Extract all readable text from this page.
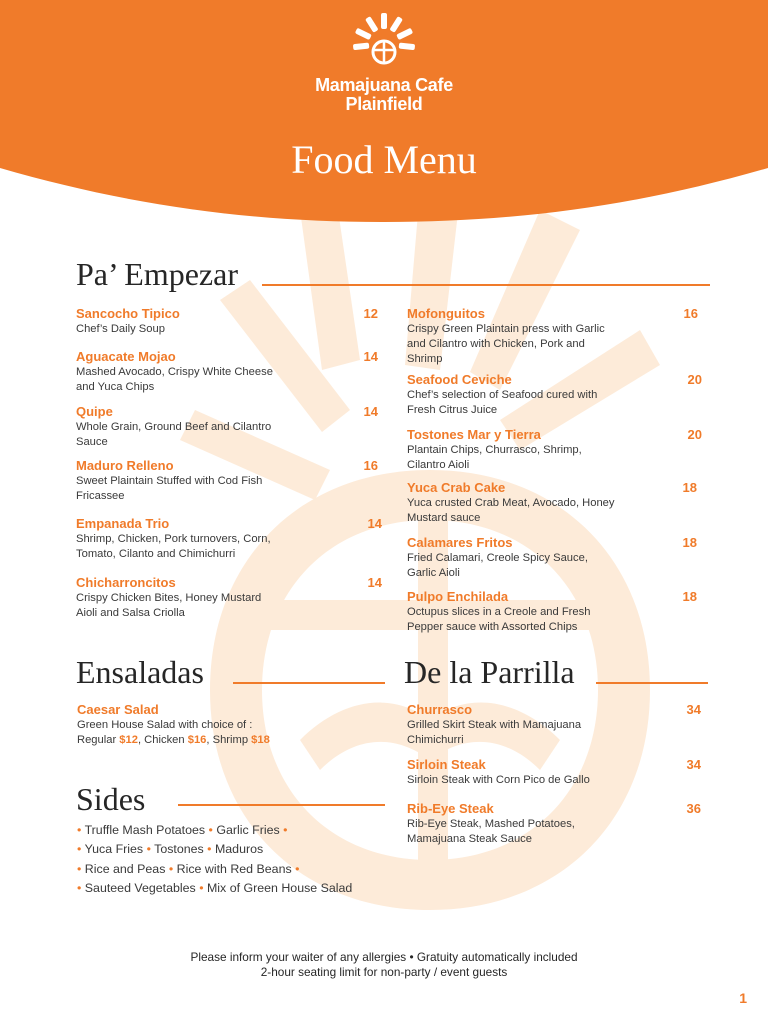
Mamajuana Cafe
Plainfield
Food Menu
Pa’ Empezar
Sancocho Tipico	12
Chef’s Daily Soup
Aguacate Mojao	14
Mashed Avocado, Crispy White Cheese
and Yuca Chips
Quipe	14
Whole Grain, Ground Beef and Cilantro
Sauce
Maduro Relleno	16
Sweet Plaintain Stuffed with Cod Fish
Fricassee
Empanada Trio	14
Shrimp, Chicken, Pork turnovers, Corn,
Tomato, Cilanto and Chimichurri
Chicharroncitos	14
Crispy Chicken Bites, Honey Mustard
Aioli and Salsa Criolla
Mofonguitos	16
Crispy Green Plaintain press with Garlic
and Cilantro with Chicken, Pork and
Shrimp
Seafood Ceviche	20
Chef’s selection of Seafood cured with
Fresh Citrus Juice
Tostones Mar y Tierra	20
Plantain Chips, Churrasco, Shrimp,
Cilantro Aioli
Yuca Crab Cake	18
Yuca crusted Crab Meat, Avocado, Honey
Mustard sauce
Calamares Fritos	18
Fried Calamari, Creole Spicy Sauce,
Garlic Aioli
Pulpo Enchilada	18
Octupus slices in a Creole and Fresh
Pepper sauce with Assorted Chips
Ensaladas
Caesar Salad
Green House Salad with choice of :
Regular $12, Chicken $16, Shrimp $18
De la Parrilla
Churrasco	34
Grilled Skirt Steak with Mamajuana
Chimichurri
Sirloin Steak	34
Sirloin Steak with Corn Pico de Gallo
Rib-Eye Steak	36
Rib-Eye Steak, Mashed Potatoes,
Mamajuana Steak Sauce
Sides
• Truffle Mash Potatoes • Garlic Fries •
• Yuca Fries • Tostones • Maduros
• Rice and Peas • Rice with Red Beans •
• Sauteed Vegetables • Mix of Green House Salad
Please inform your waiter of any allergies • Gratuity automatically included
2-hour seating limit for non-party / event guests
1
